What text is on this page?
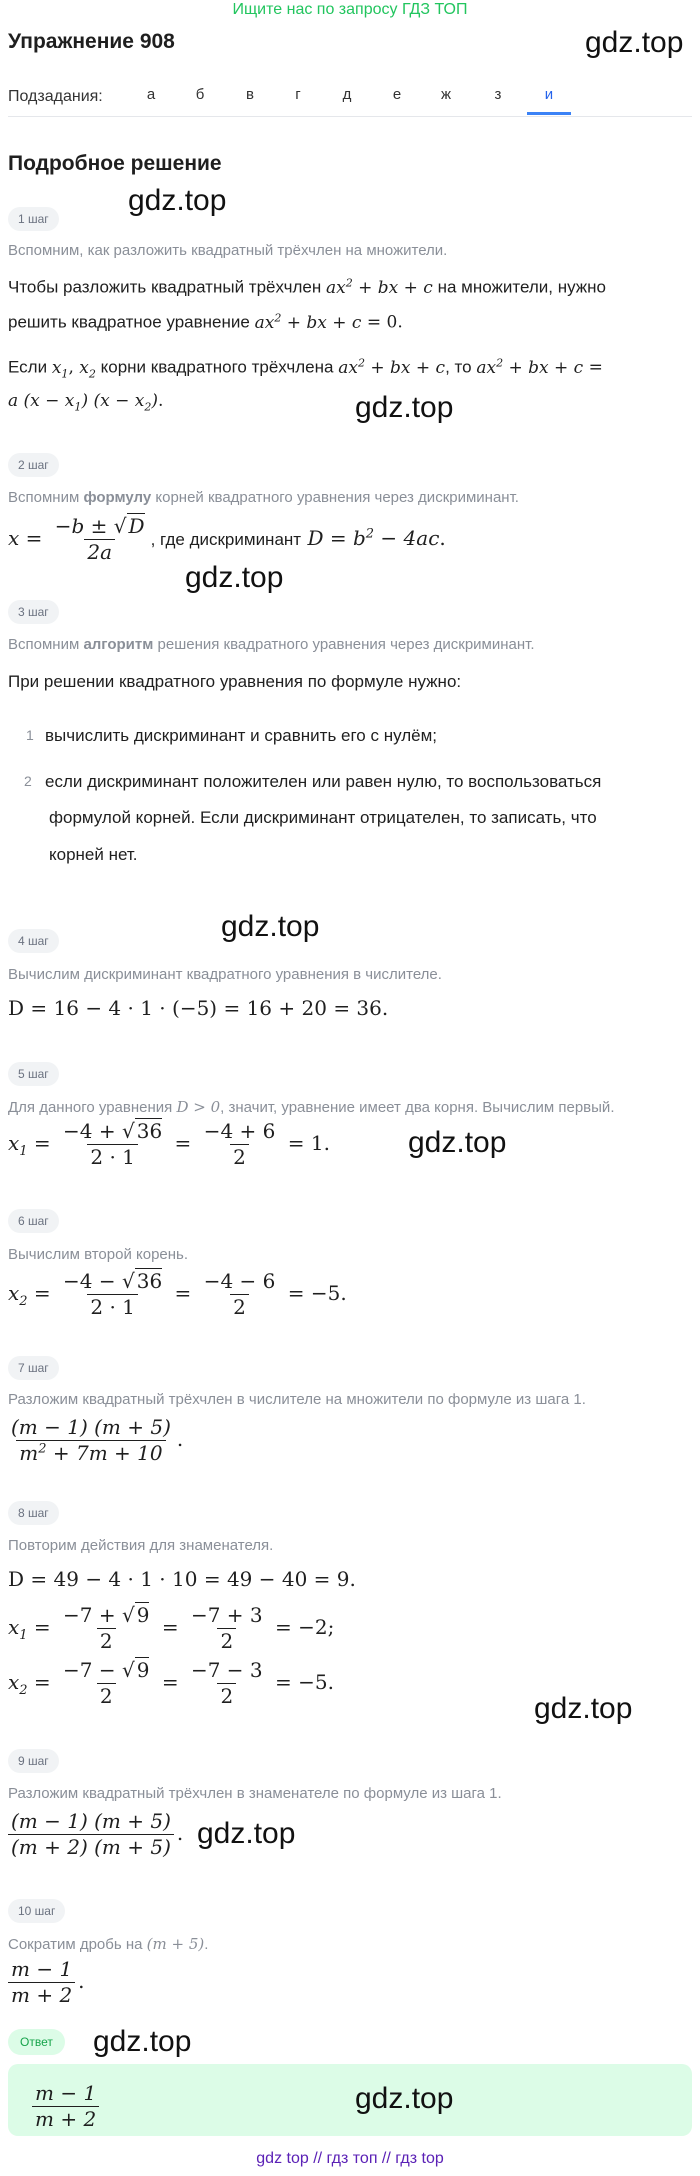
Ищите нас по запросу ГДЗ ТОП
Упражнение 908	gdz.top
Подзадания:	а	б	в	г	д	е	ж	з	и
Подробное решение
1 шаг
gdz.top
Вспомним, как разложить квадратный трёхчлен на множители.
Чтобы разложить квадратный трёхчлен $ax^2$ + bx + c на множители, нужно
решить квадратное уравнение $ax^2$ + bx + c = 0.
Если $x_1$, $x_2$ корни квадратного трёхчлена $ax^2$ + bx + c, то $ax^2$ + bx + c =
a $(x - x_1)$ $(x - x_2)$.	gdz.top
2 шаг
Вспомним формулу корней квадратного уравнения через дискриминант.
$x = \frac{-b \pm √ D}{2a}$ , где дискриминант $D = b^2 - 4ac$.
gdz.top
3 шаг
Вспомним алгоритм решения квадратного уравнения через дискриминант.
При решении квадратного уравнения по формуле нужно:
1 вычислить дискриминант и сравнить его с нулём;
2 если дискриминант положителен или равен нулю, то воспользоваться
формулой корней. Если дискриминант отрицателен, то записать, что
корней нет.
gdz.top
4 шаг
Вычислим дискриминант квадратного уравнения в числителе.
D = 16 − 4 · 1 · (−5) = 16 + 20 = 36.
5 шаг
Для данного уравнения D > 0, значит, уравнение имеет два корня. Вычислим первый.
$x_1 = \frac{-4 + √ 36}{2 \cdot 1} = \frac{-4 + 6}{2} = 1$.	gdz.top
6 шаг
Вычислим второй корень.
$x_2 = \frac{-4 - √ 36}{2 \cdot 1} = \frac{-4 - 6}{2} = -5$.
7 шаг
Разложим квадратный трёхчлен в числителе на множители по формуле из шага 1.
$\frac{(m - 1) (m + 5)}{m^2 + 7m + 10}$ .
8 шаг
Повторим действия для знаменателя.
D = 49 − 4 · 1 · 10 = 49 − 40 = 9.
$x_1 = \frac{-7 + √ 9}{2} = \frac{-7 + 3}{2} = -2$;
$x_2 = \frac{-7 - √ 9}{2} = \frac{-7 - 3}{2} = -5$.
gdz.top
9 шаг
Разложим квадратный трёхчлен в знаменателе по формуле из шага 1.
$\frac{(m - 1) (m + 5)}{(m + 2) (m + 5)}$ . gdz.top
10 шаг
Сократим дробь на (m + 5).
$\frac{m - 1}{m + 2}$ .
Ответ	gdz.top
$\frac{m - 1}{m + 2}$	gdz.top
gdz top // гдз топ // гдз top
